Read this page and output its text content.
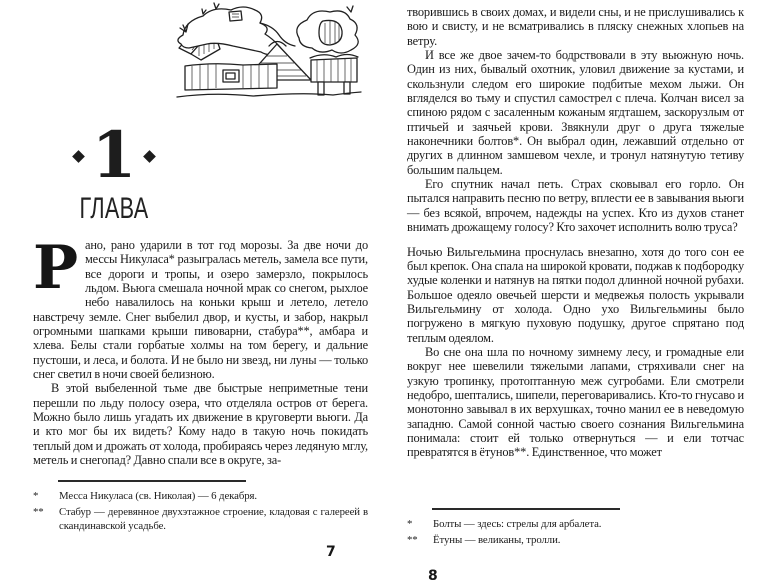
1
ГЛАВА

Рано, рано ударили в тот год морозы. За две ночи до мессы Никуласа* разыгралась метель, замела все пути, все дороги и тропы, и озеро замерзло, покрылось льдом. Вьюга смешала ночной мрак со снегом, рыхлое небо навалилось на коньки крыш и летело, летело навстречу земле. Снег выбелил двор, и кусты, и забор, накрыл огромными шапками крыши пивоварни, стабура**, амбара и хлева. Белы стали горбатые холмы на том берегу, и дальние пустоши, и леса, и болота. И не было ни звезд, ни луны — только снег светил в ночи своей белизною.

В этой выбеленной тьме две быстрые неприметные тени перешли по льду полосу озера, что отделяла остров от берега. Можно было лишь угадать их движение в круговерти вьюги. Да и кто мог бы их видеть? Кому надо в такую ночь покидать теплый дом и дрожать от холода, пробираясь через ледяную мглу, метель и снегопад? Давно спали все в округе, за-

*	Месса Никуласа (св. Николая) — 6 декабря.
**	Стабур — деревянное двухэтажное строение, кладовая с галереей в скандинавской усадьбе.
7

творившись в своих домах, и видели сны, и не прислушивались к вою и свисту, и не всматривались в пляску снежных хлопьев на ветру.

И все же двое зачем-то бодрствовали в эту вьюжную ночь. Один из них, бывалый охотник, уловил движение за кустами, и скользнули следом его широкие подбитые мехом лыжи. Он вгляделся во тьму и спустил самострел с плеча. Колчан висел за спиною рядом с засаленным кожаным ягдташем, заскорузлым от птичьей и заячьей крови. Звякнули друг о друга тяжелые наконечники болтов*. Он выбрал один, лежавший отдельно от других в длинном замшевом чехле, и тронул натянутую тетиву большим пальцем.

Его спутник начал петь. Страх сковывал его горло. Он пытался направить песню по ветру, вплести ее в завывания вьюги — без всякой, впрочем, надежды на успех. Кто из духов станет внимать дрожащему голосу? Кто захочет исполнить волю труса?

Ночью Вильгельмина проснулась внезапно, хотя до того сон ее был крепок. Она спала на широкой кровати, поджав к подбородку худые коленки и натянув на пятки подол длинной ночной рубахи. Большое одеяло овечьей шерсти и медвежья полость укрывали Вильгельмину от холода. Одно ухо Вильгельмины было погружено в мягкую пуховую подушку, другое спрятано под теплым одеялом.

Во сне она шла по ночному зимнему лесу, и громадные ели вокруг нее шевелили тяжелыми лапами, стряхивали снег на узкую тропинку, протоптанную меж сугробами. Ели смотрели недобро, шептались, шипели, переговаривались. Кто-то гнусаво и монотонно завывал в их верхушках, точно манил ее в неведомую западню. Самой сонной частью своего сознания Вильгельмина понимала: стоит ей только отвернуться — и ели тотчас превратятся в ётунов**. Единственное, что может

*	Болты — здесь: стрелы для арбалета.
**	Ётуны — великаны, тролли.
8
